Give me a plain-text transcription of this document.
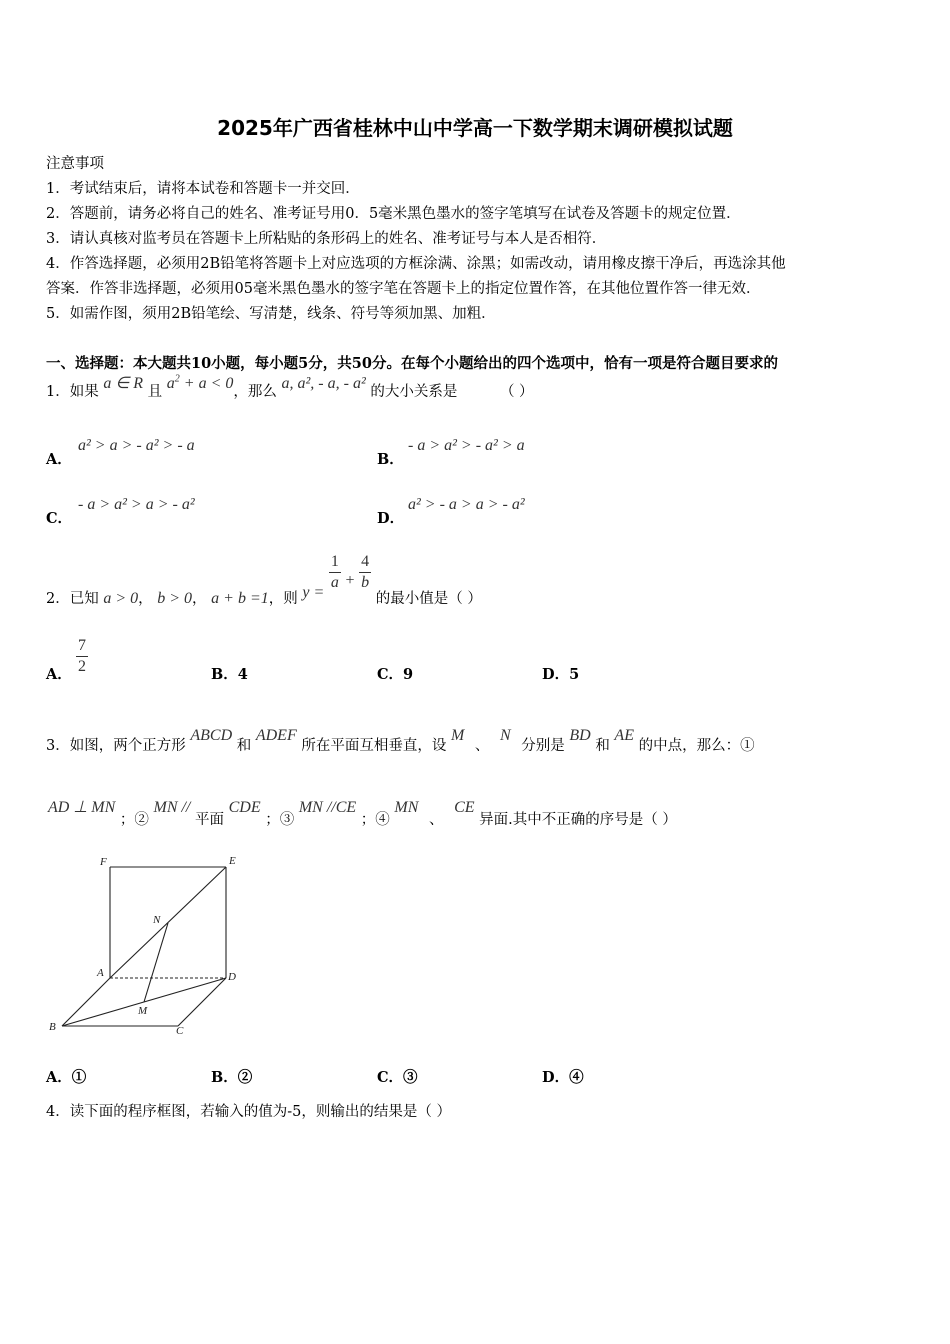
2025年广西省桂林中山中学高一下数学期末调研模拟试题
注意事项
1．考试结束后，请将本试卷和答题卡一并交回．
2．答题前，请务必将自己的姓名、准考证号用0．5毫米黑色墨水的签字笔填写在试卷及答题卡的规定位置．
3．请认真核对监考员在答题卡上所粘贴的条形码上的姓名、准考证号与本人是否相符．
4．作答选择题，必须用2B铅笔将答题卡上对应选项的方框涂满、涂黑；如需改动，请用橡皮擦干净后，再选涂其他
答案．作答非选择题，必须用05毫米黑色墨水的签字笔在答题卡上的指定位置作答，在其他位置作答一律无效．
5．如需作图，须用2B铅笔绘、写清楚，线条、符号等须加黑、加粗．
一、选择题：本大题共10小题，每小题5分，共50分。在每个小题给出的四个选项中，恰有一项是符合题目要求的
1．如果 a ∈ R 且 $a^2 + a < 0$，那么 a, a², - a, - a² 的大小关系是	（ ）
A．
a² > a > - a² > - a
B．
- a > a² > - a² > a
C．
- a > a² > a > - a²
D．
a² > - a > a > - a²
2．已知 a > 0， b > 0， a + b =1，则 $y = \frac{1}{a} + \frac{4}{b}$
的最小值是（ ）
A． $\frac{7}{2}$	B．4	C．9	D．5
3．如图，两个正方形 ABCD 和 ADEF 所在平面互相垂直，设 M 、 N 分别是 BD 和 AE 的中点，那么：①
AD ⊥ MN ；② MN // 平面 CDE ；③ MN //CE ；④ MN 、 CE 异面.其中不正确的序号是（ ）
F	E
N
A	D
M
B	C
A．①	B．②	C．③	D．④
4．读下面的程序框图，若输入的值为-5，则输出的结果是（ ）
